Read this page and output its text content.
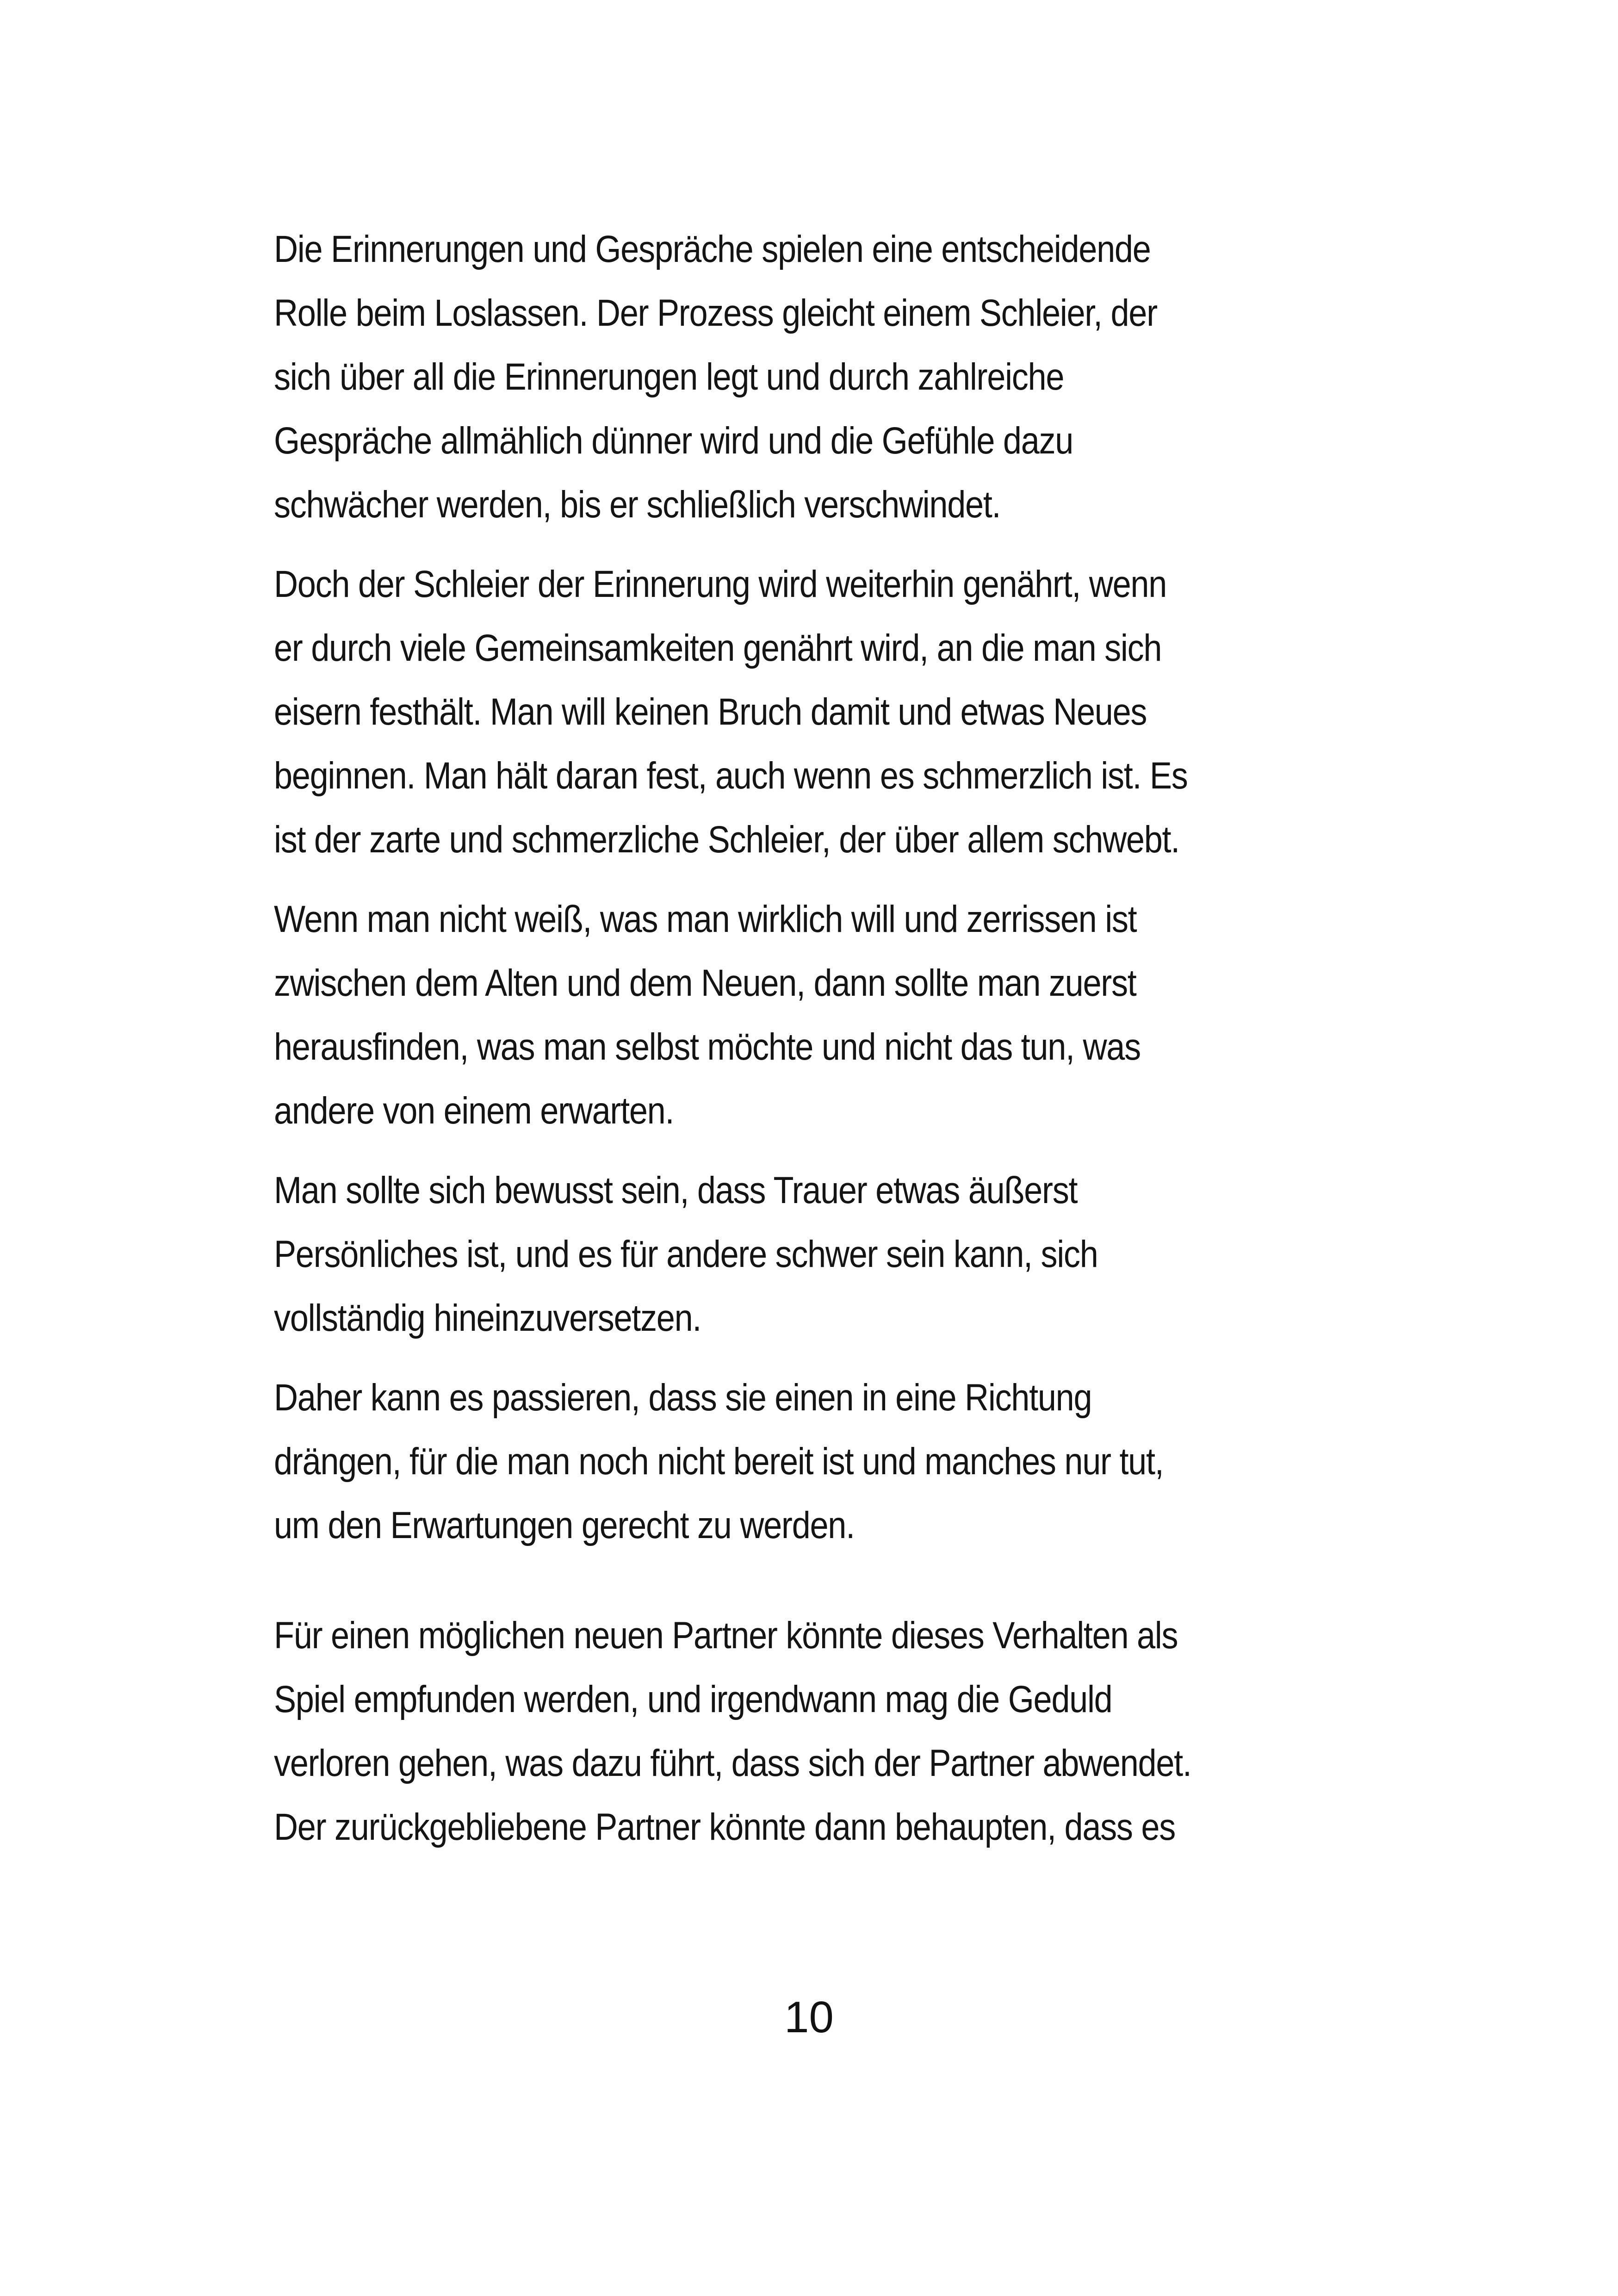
Die Erinnerungen und Gespräche spielen eine entscheidende
Rolle beim Loslassen. Der Prozess gleicht einem Schleier, der
sich über all die Erinnerungen legt und durch zahlreiche
Gespräche allmählich dünner wird und die Gefühle dazu
schwächer werden, bis er schließlich verschwindet.

Doch der Schleier der Erinnerung wird weiterhin genährt, wenn
er durch viele Gemeinsamkeiten genährt wird, an die man sich
eisern festhält. Man will keinen Bruch damit und etwas Neues
beginnen. Man hält daran fest, auch wenn es schmerzlich ist. Es
ist der zarte und schmerzliche Schleier, der über allem schwebt.

Wenn man nicht weiß, was man wirklich will und zerrissen ist
zwischen dem Alten und dem Neuen, dann sollte man zuerst
herausfinden, was man selbst möchte und nicht das tun, was
andere von einem erwarten.

Man sollte sich bewusst sein, dass Trauer etwas äußerst
Persönliches ist, und es für andere schwer sein kann, sich
vollständig hineinzuversetzen.

Daher kann es passieren, dass sie einen in eine Richtung
drängen, für die man noch nicht bereit ist und manches nur tut,
um den Erwartungen gerecht zu werden.

Für einen möglichen neuen Partner könnte dieses Verhalten als
Spiel empfunden werden, und irgendwann mag die Geduld
verloren gehen, was dazu führt, dass sich der Partner abwendet.
Der zurückgebliebene Partner könnte dann behaupten, dass es

10
